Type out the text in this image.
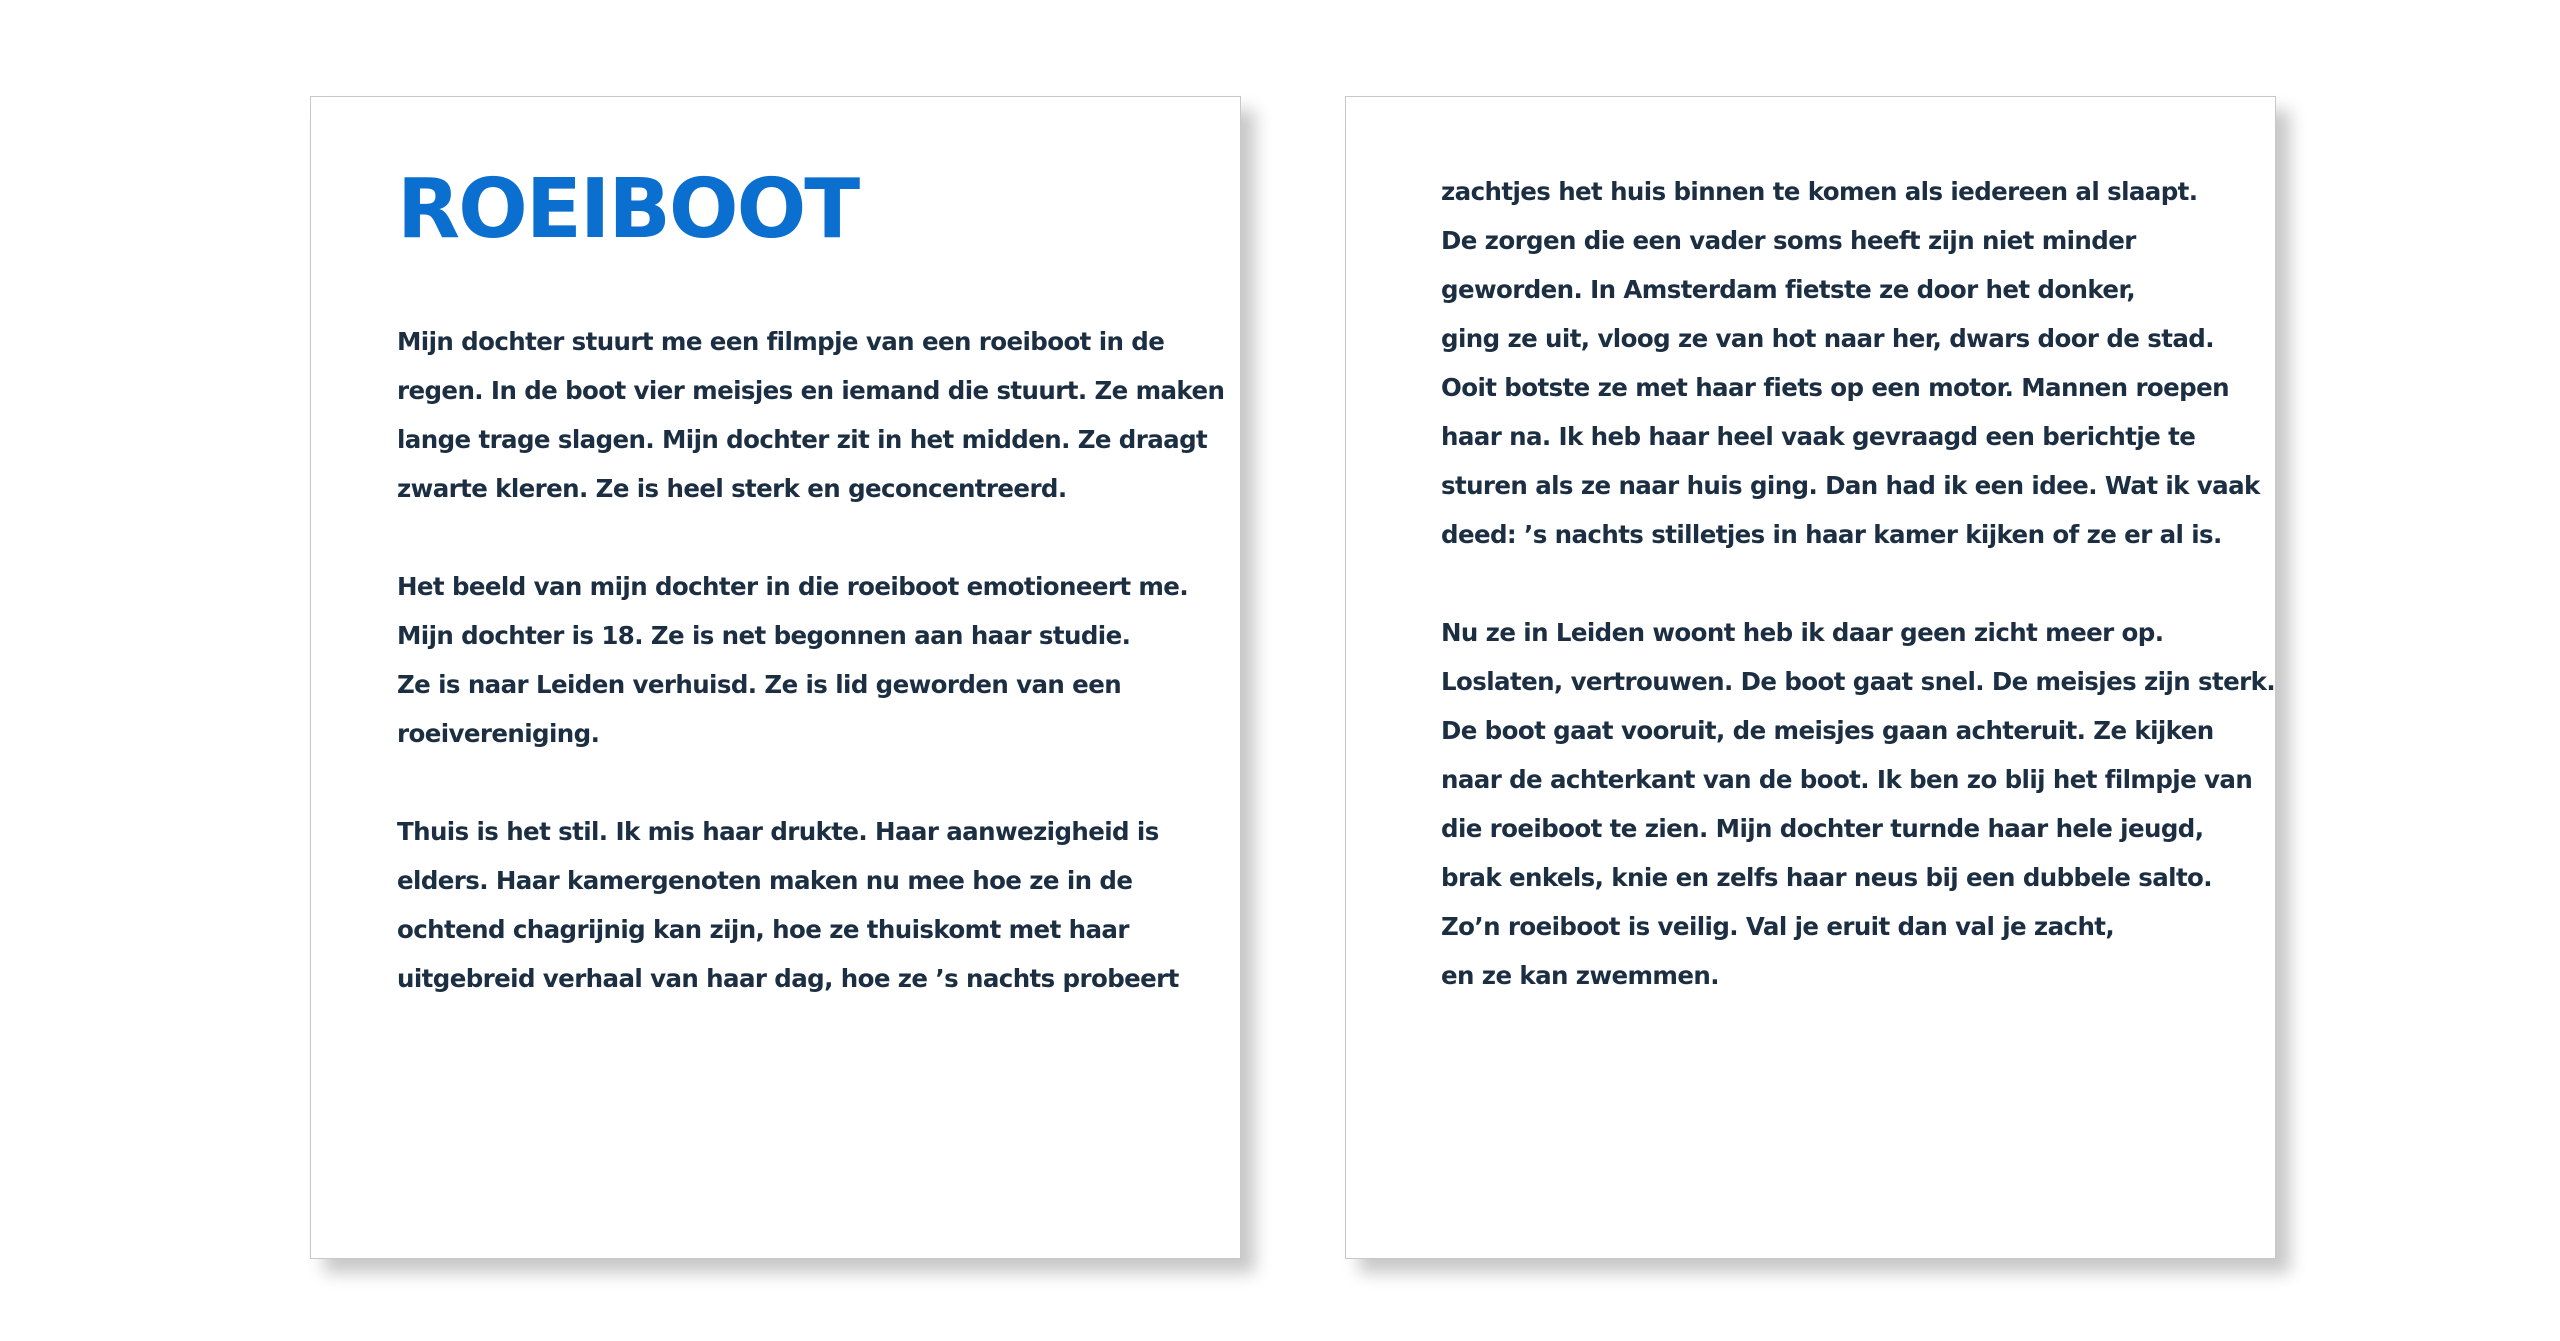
ROEIBOOT
Mijn dochter stuurt me een filmpje van een roeiboot in de
regen. In de boot vier meisjes en iemand die stuurt. Ze maken
lange trage slagen. Mijn dochter zit in het midden. Ze draagt
zwarte kleren. Ze is heel sterk en geconcentreerd.
Het beeld van mijn dochter in die roeiboot emotioneert me.
Mijn dochter is 18. Ze is net begonnen aan haar studie.
Ze is naar Leiden verhuisd. Ze is lid geworden van een
roeivereniging.
Thuis is het stil. Ik mis haar drukte. Haar aanwezigheid is
elders. Haar kamergenoten maken nu mee hoe ze in de
ochtend chagrijnig kan zijn, hoe ze thuiskomt met haar
uitgebreid verhaal van haar dag, hoe ze ’s nachts probeert
zachtjes het huis binnen te komen als iedereen al slaapt.
De zorgen die een vader soms heeft zijn niet minder
geworden. In Amsterdam fietste ze door het donker,
ging ze uit, vloog ze van hot naar her, dwars door de stad.
Ooit botste ze met haar fiets op een motor. Mannen roepen
haar na. Ik heb haar heel vaak gevraagd een berichtje te
sturen als ze naar huis ging. Dan had ik een idee. Wat ik vaak
deed: ’s nachts stilletjes in haar kamer kijken of ze er al is.
Nu ze in Leiden woont heb ik daar geen zicht meer op.
Loslaten, vertrouwen. De boot gaat snel. De meisjes zijn sterk.
De boot gaat vooruit, de meisjes gaan achteruit. Ze kijken
naar de achterkant van de boot. Ik ben zo blij het filmpje van
die roeiboot te zien. Mijn dochter turnde haar hele jeugd,
brak enkels, knie en zelfs haar neus bij een dubbele salto.
Zo’n roeiboot is veilig. Val je eruit dan val je zacht,
en ze kan zwemmen.
